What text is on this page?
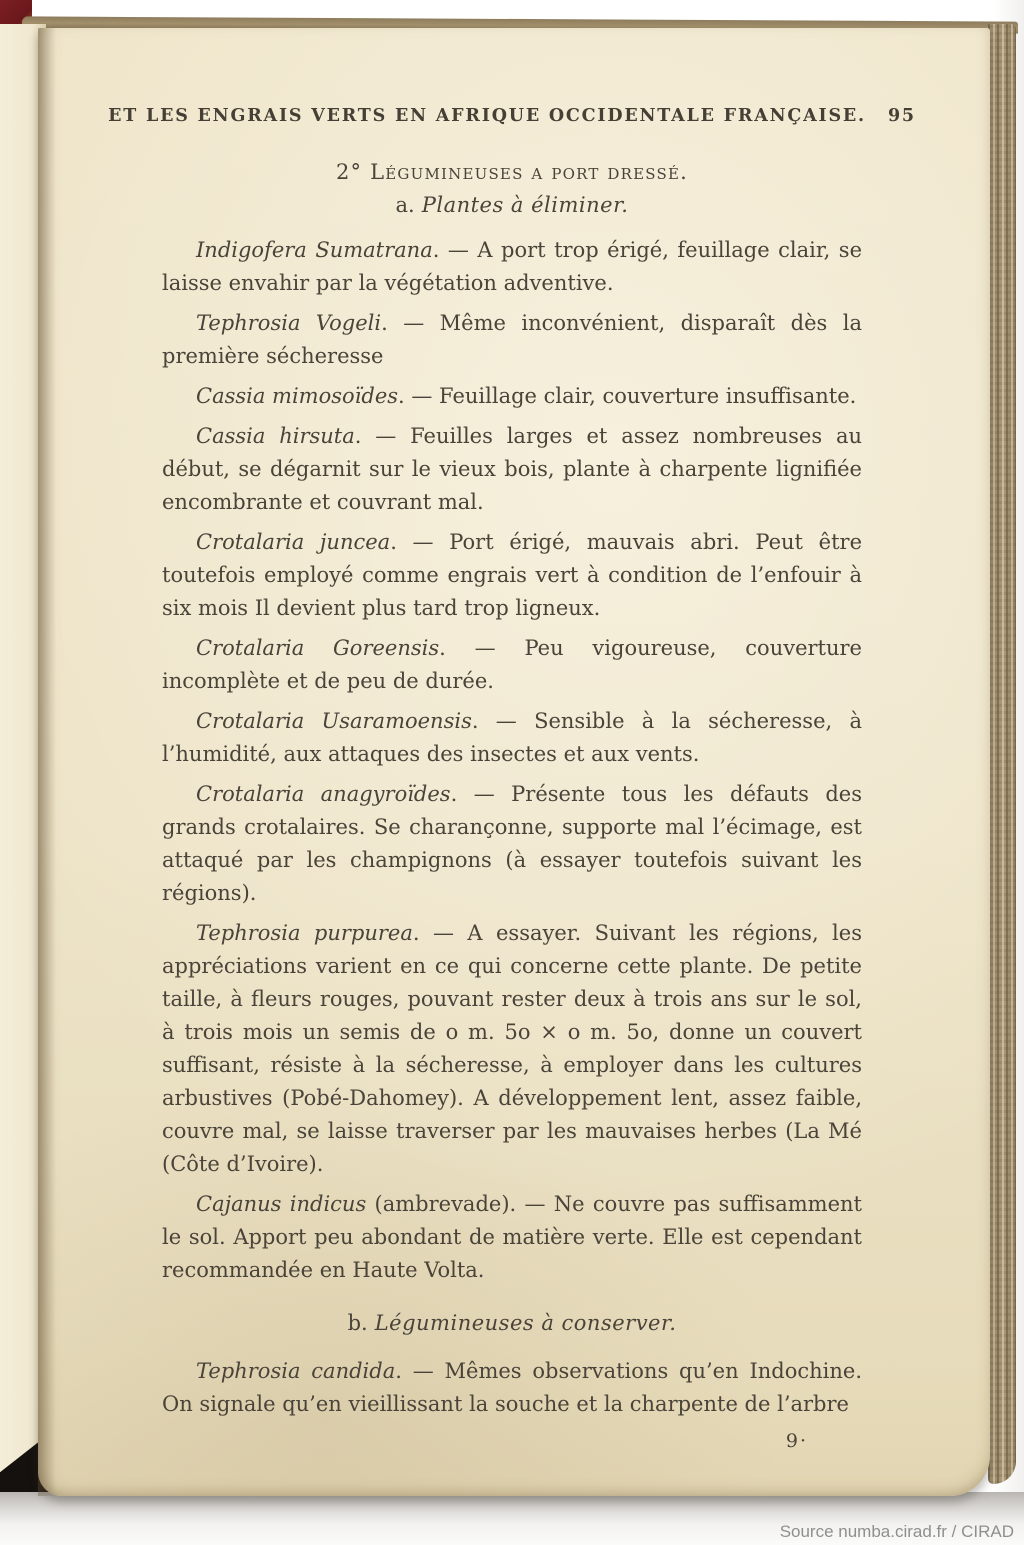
ET LES ENGRAIS VERTS EN AFRIQUE OCCIDENTALE FRANÇAISE. 95
2° Légumineuses a port dressé.
a. Plantes à éliminer.

Indigofera Sumatrana. — A port trop érigé, feuillage clair, se laisse envahir par la végétation adventive.

Tephrosia Vogeli. — Même inconvénient, disparaît dès la première sécheresse

Cassia mimosoïdes. — Feuillage clair, couverture insuffisante.

Cassia hirsuta. — Feuilles larges et assez nombreuses au début, se dégarnit sur le vieux bois, plante à charpente lignifiée encombrante et couvrant mal.

Crotalaria juncea. — Port érigé, mauvais abri. Peut être toutefois employé comme engrais vert à condition de l’enfouir à six mois Il devient plus tard trop ligneux.

Crotalaria Goreensis. — Peu vigoureuse, couverture incomplète et de peu de durée.

Crotalaria Usaramoensis. — Sensible à la sécheresse, à l’humidité, aux attaques des insectes et aux vents.

Crotalaria anagyroïdes. — Présente tous les défauts des grands crotalaires. Se charançonne, supporte mal l’écimage, est attaqué par les champignons (à essayer toutefois suivant les régions).

Tephrosia purpurea. — A essayer. Suivant les régions, les appréciations varient en ce qui concerne cette plante. De petite taille, à fleurs rouges, pouvant rester deux à trois ans sur le sol, à trois mois un semis de o m. 5o × o m. 5o, donne un couvert suffisant, résiste à la sécheresse, à employer dans les cultures arbustives (Pobé-Dahomey). A développement lent, assez faible, couvre mal, se laisse traverser par les mauvaises herbes (La Mé (Côte d’Ivoire).

Cajanus indicus (ambrevade). — Ne couvre pas suffisamment le sol. Apport peu abondant de matière verte. Elle est cependant recommandée en Haute Volta.

b. Légumineuses à conserver.

Tephrosia candida. — Mêmes observations qu’en Indochine. On signale qu’en vieillissant la souche et la charpente de l’arbre

9·
Source numba.cirad.fr / CIRAD
